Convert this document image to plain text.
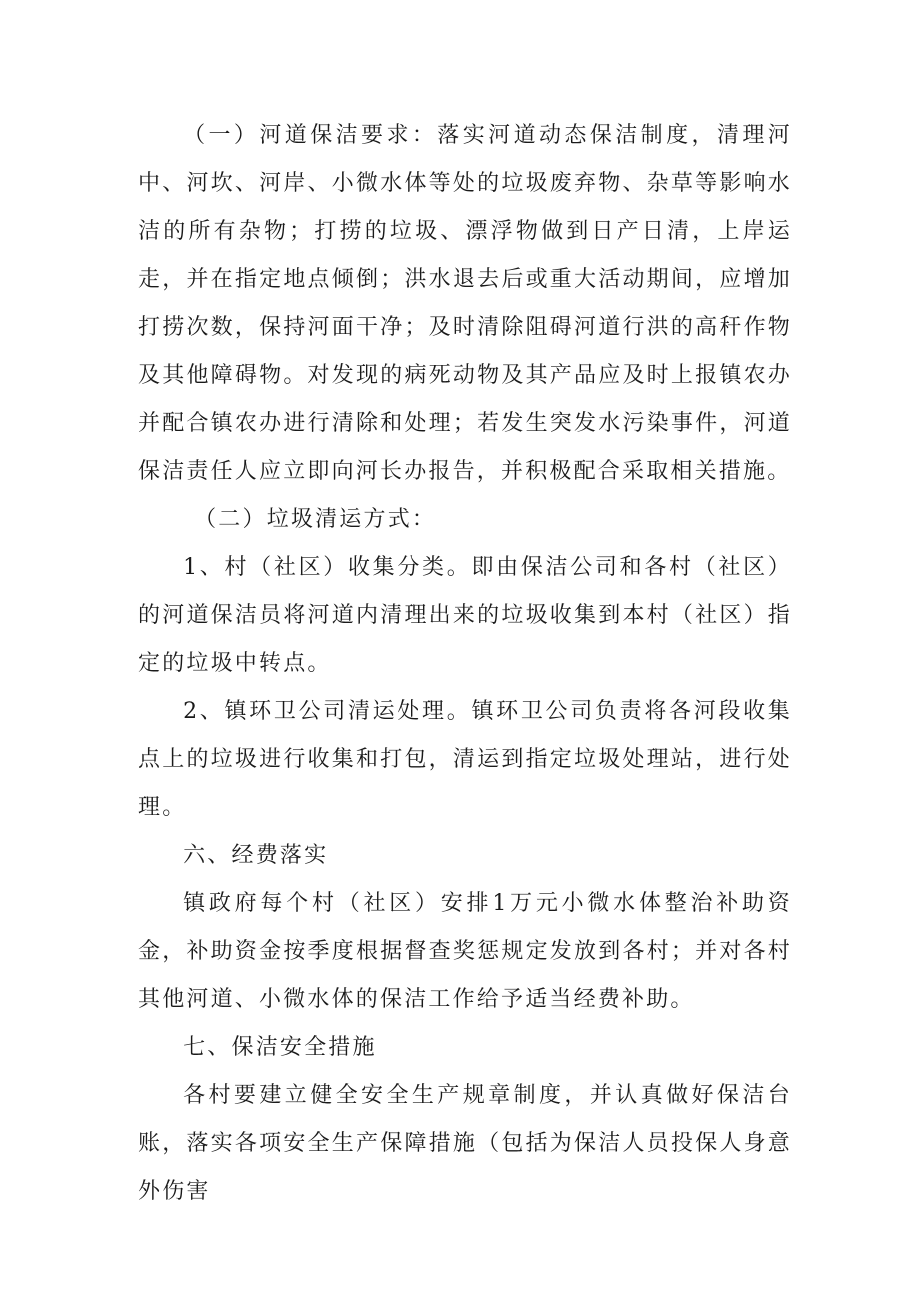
（一）河道保洁要求：落实河道动态保洁制度，清理河中、河坎、河岸、小微水体等处的垃圾废弃物、杂草等影响水洁的所有杂物；打捞的垃圾、漂浮物做到日产日清，上岸运走，并在指定地点倾倒；洪水退去后或重大活动期间，应增加打捞次数，保持河面干净；及时清除阻碍河道行洪的高秆作物及其他障碍物。对发现的病死动物及其产品应及时上报镇农办并配合镇农办进行清除和处理；若发生突发水污染事件，河道保洁责任人应立即向河长办报告，并积极配合采取相关措施。

（二）垃圾清运方式：

1、村（社区）收集分类。即由保洁公司和各村（社区）的河道保洁员将河道内清理出来的垃圾收集到本村（社区）指定的垃圾中转点。

2、镇环卫公司清运处理。镇环卫公司负责将各河段收集点上的垃圾进行收集和打包，清运到指定垃圾处理站，进行处理。

六、经费落实

镇政府每个村（社区）安排1万元小微水体整治补助资金，补助资金按季度根据督查奖惩规定发放到各村；并对各村其他河道、小微水体的保洁工作给予适当经费补助。

七、保洁安全措施

各村要建立健全安全生产规章制度，并认真做好保洁台账，落实各项安全生产保障措施（包括为保洁人员投保人身意外伤害
